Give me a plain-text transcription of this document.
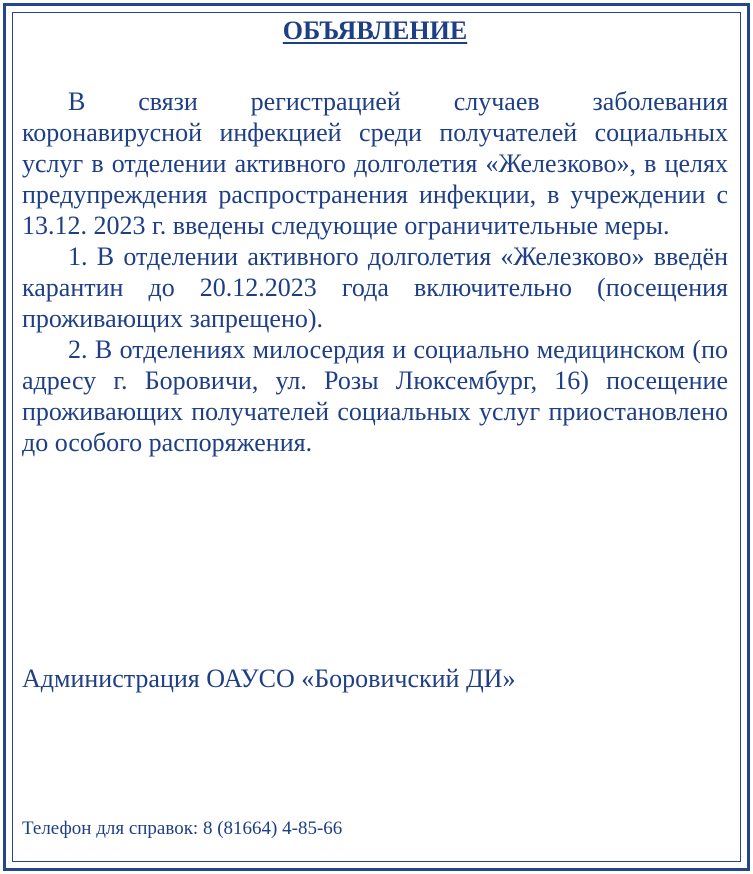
ОБЪЯВЛЕНИЕ

В связи регистрацией случаев заболевания коронавирусной инфекцией среди получателей социальных услуг в отделении активного долголетия «Железково», в целях предупреждения распространения инфекции, в учреждении с 13.12. 2023 г. введены следующие ограничительные меры.

1. В отделении активного долголетия «Железково» введён карантин до 20.12.2023 года включительно (посещения проживающих запрещено).

2. В отделениях милосердия и социально медицинском (по адресу г. Боровичи, ул. Розы Люксембург, 16) посещение проживающих получателей социальных услуг приостановлено до особого распоряжения.

Администрация ОАУСО «Боровичский ДИ»

Телефон для справок: 8 (81664) 4-85-66
